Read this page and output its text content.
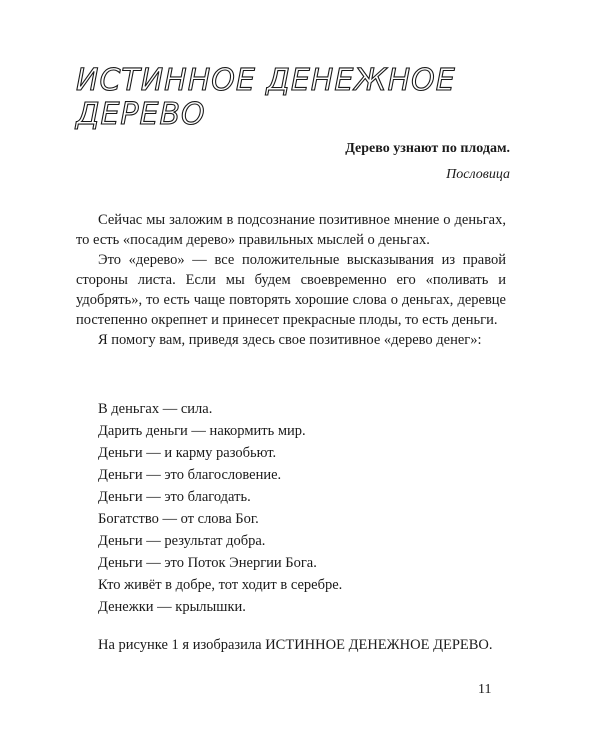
ИСТИННОЕ ДЕНЕЖНОЕ ДЕРЕВО
Дерево узнают по плодам.
Пословица

Сейчас мы заложим в подсознание позитивное мнение о деньгах, то есть «посадим дерево» правильных мыслей о деньгах.

Это «дерево» — все положительные высказывания из правой стороны листа. Если мы будем своевременно его «поливать и удобрять», то есть чаще повторять хорошие слова о деньгах, деревце постепенно окрепнет и принесет прекрасные плоды, то есть деньги.

Я помогу вам, приведя здесь свое позитивное «дерево денег»:

В деньгах — сила.
Дарить деньги — накормить мир.
Деньги — и карму разобьют.
Деньги — это благословение.
Деньги — это благодать.
Богатство — от слова Бог.
Деньги — результат добра.
Деньги — это Поток Энергии Бога.
Кто живёт в добре, тот ходит в серебре.
Денежки — крылышки.

На рисунке 1 я изобразила ИСТИННОЕ ДЕНЕЖНОЕ ДЕРЕВО.

11
